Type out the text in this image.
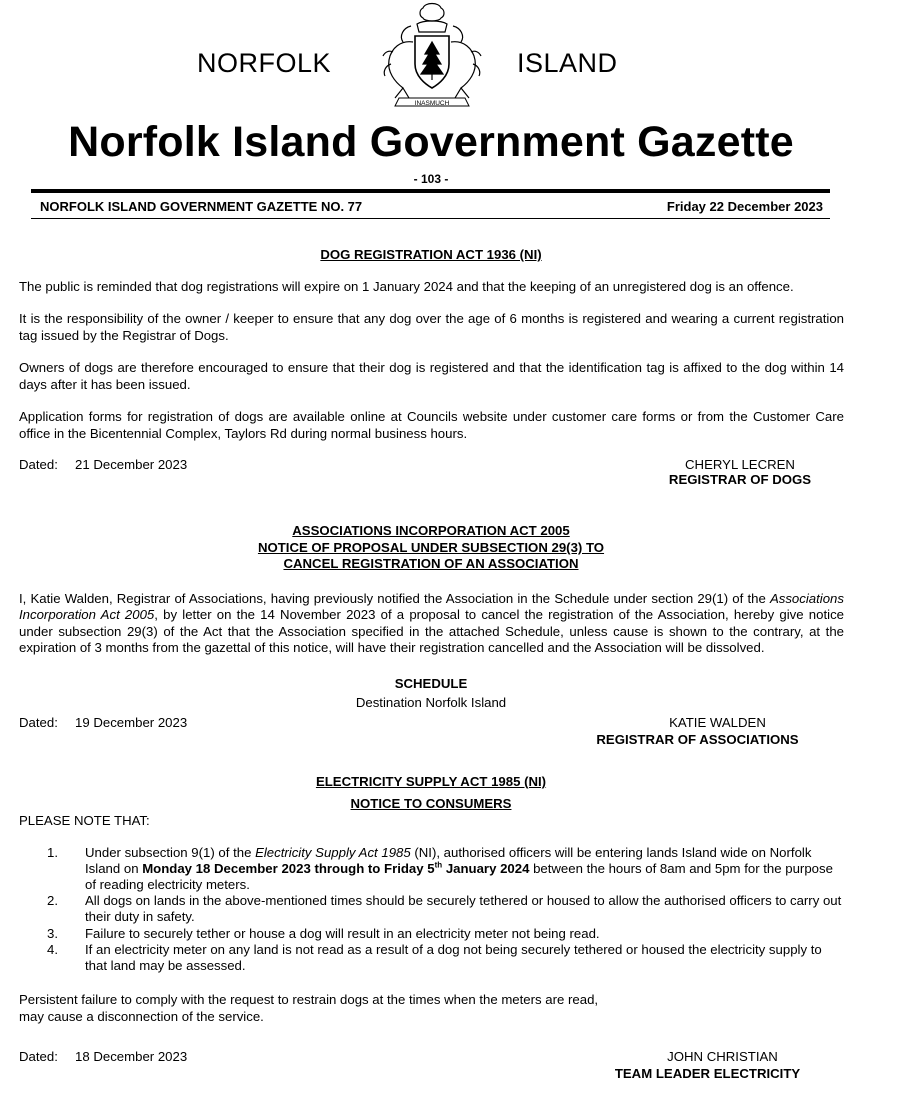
NORFOLK	ISLAND
INASMUCH
Norfolk Island Government Gazette
- 103 -
NORFOLK ISLAND GOVERNMENT GAZETTE NO. 77	Friday 22 December 2023
DOG REGISTRATION ACT 1936 (NI)
The public is reminded that dog registrations will expire on 1 January 2024 and that the keeping of an unregistered dog is an offence.
It is the responsibility of the owner / keeper to ensure that any dog over the age of 6 months is registered and wearing a current registration tag issued by the Registrar of Dogs.
Owners of dogs are therefore encouraged to ensure that their dog is registered and that the identification tag is affixed to the dog within 14 days after it has been issued.
Application forms for registration of dogs are available online at Councils website under customer care forms or from the Customer Care office in the Bicentennial Complex, Taylors Rd during normal business hours.
Dated: 21 December 2023	CHERYL LECREN
REGISTRAR OF DOGS
ASSOCIATIONS INCORPORATION ACT 2005
NOTICE OF PROPOSAL UNDER SUBSECTION 29(3) TO
CANCEL REGISTRATION OF AN ASSOCIATION
I, Katie Walden, Registrar of Associations, having previously notified the Association in the Schedule under section 29(1) of the Associations Incorporation Act 2005, by letter on the 14 November 2023 of a proposal to cancel the registration of the Association, hereby give notice under subsection 29(3) of the Act that the Association specified in the attached Schedule, unless cause is shown to the contrary, at the expiration of 3 months from the gazettal of this notice, will have their registration cancelled and the Association will be dissolved.
SCHEDULE
Destination Norfolk Island
Dated: 19 December 2023	KATIE WALDEN
REGISTRAR OF ASSOCIATIONS
ELECTRICITY SUPPLY ACT 1985 (NI)
NOTICE TO CONSUMERS
PLEASE NOTE THAT:
1. Under subsection 9(1) of the Electricity Supply Act 1985 (NI), authorised officers will be entering lands Island wide on Norfolk Island on Monday 18 December 2023 through to Friday 5th January 2024 between the hours of 8am and 5pm for the purpose of reading electricity meters.
2. All dogs on lands in the above-mentioned times should be securely tethered or housed to allow the authorised officers to carry out their duty in safety.
3. Failure to securely tether or house a dog will result in an electricity meter not being read.
4. If an electricity meter on any land is not read as a result of a dog not being securely tethered or housed the electricity supply to that land may be assessed.
Persistent failure to comply with the request to restrain dogs at the times when the meters are read,
may cause a disconnection of the service.
Dated: 18 December 2023	JOHN CHRISTIAN
TEAM LEADER ELECTRICITY
